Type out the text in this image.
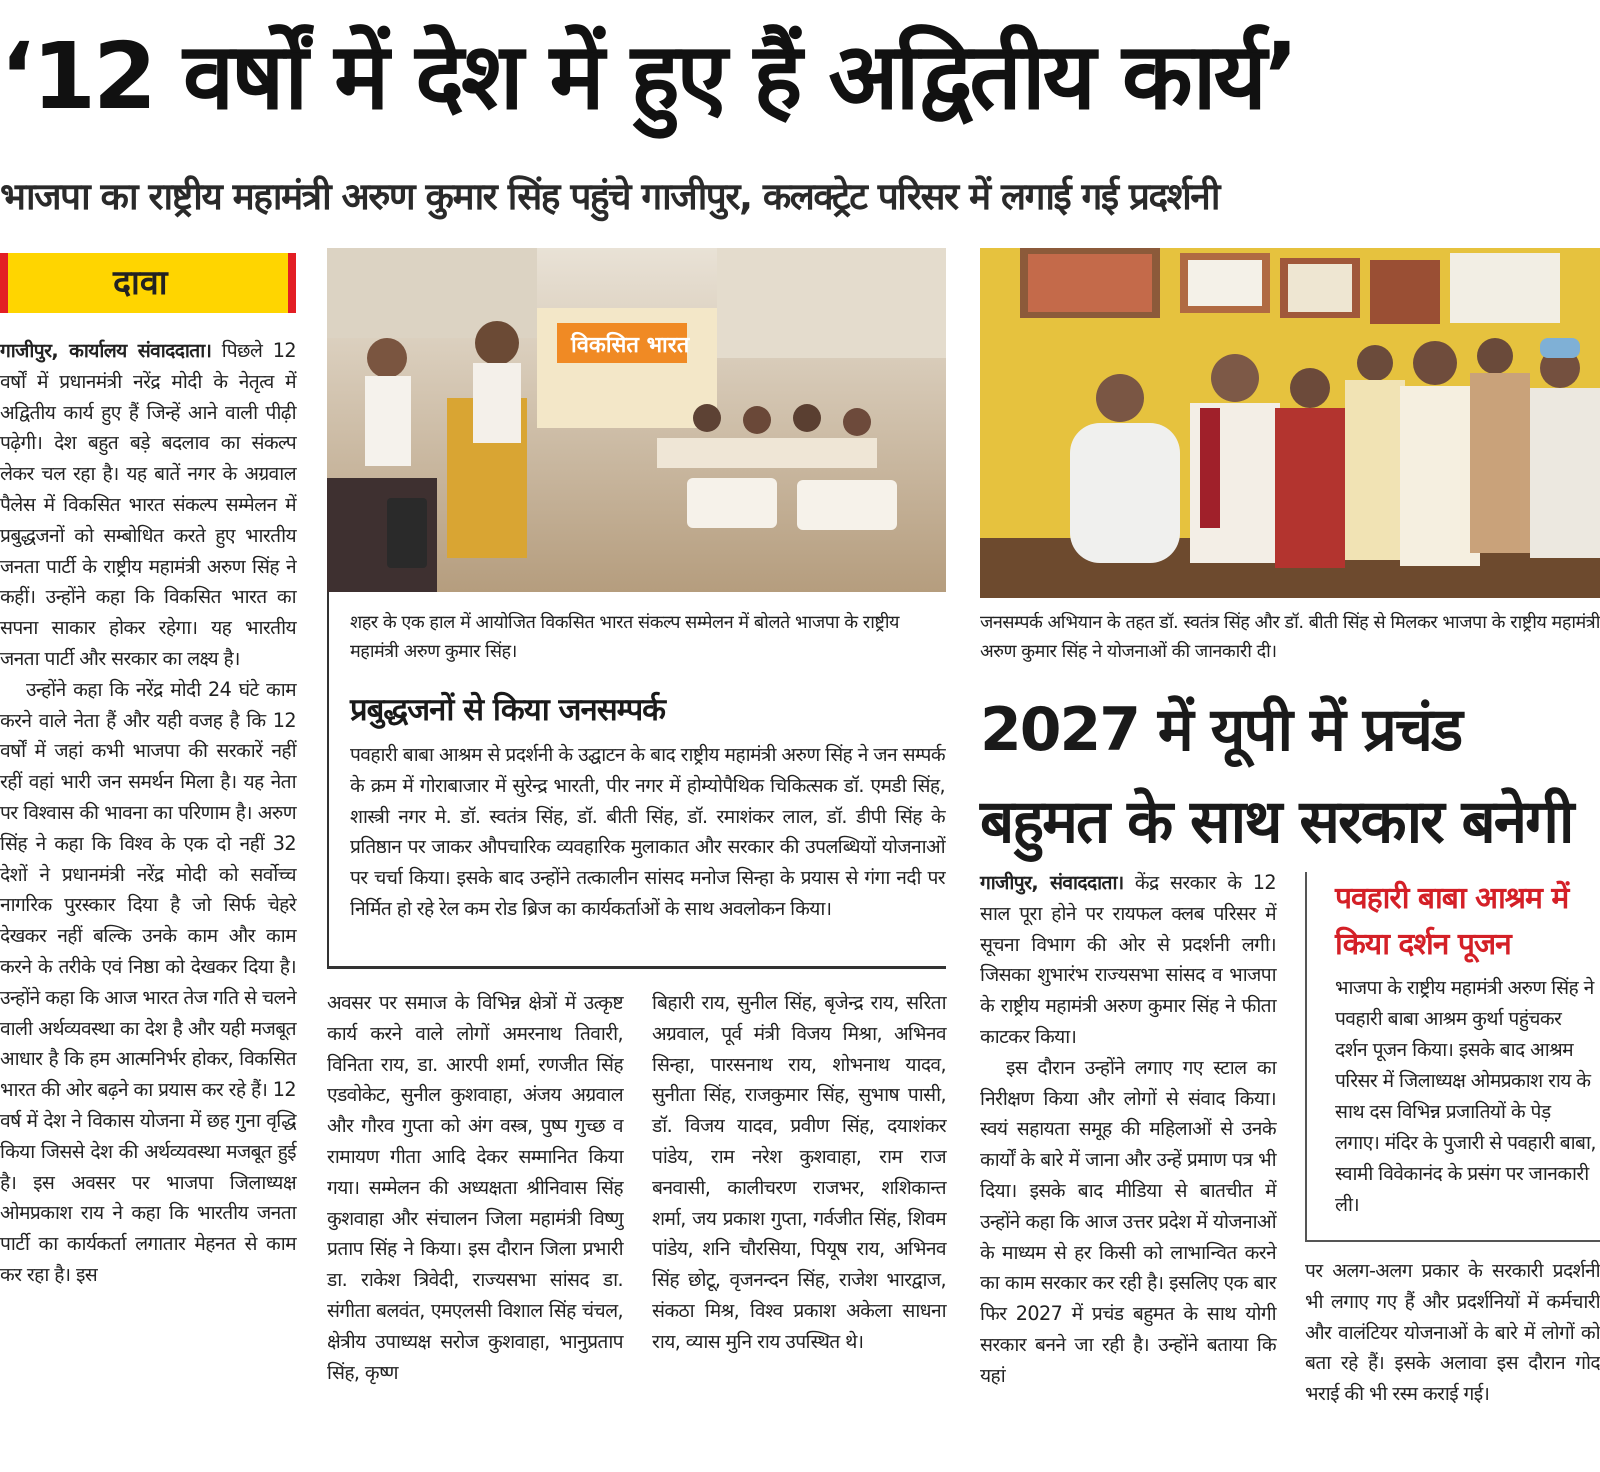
‘12 वर्षों में देश में हुए हैं अद्वितीय कार्य’
भाजपा का राष्ट्रीय महामंत्री अरुण कुमार सिंह पहुंचे गाजीपुर, कलक्ट्रेट परिसर में लगाई गई प्रदर्शनी
दावा

गाजीपुर, कार्यालय संवाददाता। पिछले 12 वर्षों में प्रधानमंत्री नरेंद्र मोदी के नेतृत्व में अद्वितीय कार्य हुए हैं जिन्हें आने वाली पीढ़ी पढ़ेगी। देश बहुत बड़े बदलाव का संकल्प लेकर चल रहा है। यह बातें नगर के अग्रवाल पैलेस में विकसित भारत संकल्प सम्मेलन में प्रबुद्धजनों को सम्बोधित करते हुए भारतीय जनता पार्टी के राष्ट्रीय महामंत्री अरुण सिंह ने कहीं। उन्होंने कहा कि विकसित भारत का सपना साकार होकर रहेगा। यह भारतीय जनता पार्टी और सरकार का लक्ष्य है।

उन्होंने कहा कि नरेंद्र मोदी 24 घंटे काम करने वाले नेता हैं और यही वजह है कि 12 वर्षों में जहां कभी भाजपा की सरकारें नहीं रहीं वहां भारी जन समर्थन मिला है। यह नेता पर विश्वास की भावना का परिणाम है। अरुण सिंह ने कहा कि विश्व के एक दो नहीं 32 देशों ने प्रधानमंत्री नरेंद्र मोदी को सर्वोच्च नागरिक पुरस्कार दिया है जो सिर्फ चेहरे देखकर नहीं बल्कि उनके काम और काम करने के तरीके एवं निष्ठा को देखकर दिया है। उन्होंने कहा कि आज भारत तेज गति से चलने वाली अर्थव्यवस्था का देश है और यही मजबूत आधार है कि हम आत्मनिर्भर होकर, विकसित भारत की ओर बढ़ने का प्रयास कर रहे हैं। 12 वर्ष में देश ने विकास योजना में छह गुना वृद्धि किया जिससे देश की अर्थव्यवस्था मजबूत हुई है। इस अवसर पर भाजपा जिलाध्यक्ष ओमप्रकाश राय ने कहा कि भारतीय जनता पार्टी का कार्यकर्ता लगातार मेहनत से काम कर रहा है। इस

विकसित भारत

शहर के एक हाल में आयोजित विकसित भारत संकल्प सम्मेलन में बोलते भाजपा के राष्ट्रीय महामंत्री अरुण कुमार सिंह।

जनसम्पर्क अभियान के तहत डॉ. स्वतंत्र सिंह और डॉ. बीती सिंह से मिलकर भाजपा के राष्ट्रीय महामंत्री अरुण कुमार सिंह ने योजनाओं की जानकारी दी।

प्रबुद्धजनों से किया जनसम्पर्क

पवहारी बाबा आश्रम से प्रदर्शनी के उद्घाटन के बाद राष्ट्रीय महामंत्री अरुण सिंह ने जन सम्पर्क के क्रम में गोराबाजार में सुरेन्द्र भारती, पीर नगर में होम्योपैथिक चिकित्सक डॉ. एमडी सिंह, शास्त्री नगर मे. डॉ. स्वतंत्र सिंह, डॉ. बीती सिंह, डॉ. रमाशंकर लाल, डॉ. डीपी सिंह के प्रतिष्ठान पर जाकर औपचारिक व्यवहारिक मुलाकात और सरकार की उपलब्धियों योजनाओं पर चर्चा किया। इसके बाद उन्होंने तत्कालीन सांसद मनोज सिन्हा के प्रयास से गंगा नदी पर निर्मित हो रहे रेल कम रोड ब्रिज का कार्यकर्ताओं के साथ अवलोकन किया।

अवसर पर समाज के विभिन्न क्षेत्रों में उत्कृष्ट कार्य करने वाले लोगों अमरनाथ तिवारी, विनिता राय, डा. आरपी शर्मा, रणजीत सिंह एडवोकेट, सुनील कुशवाहा, अंजय अग्रवाल और गौरव गुप्ता को अंग वस्त्र, पुष्प गुच्छ व रामायण गीता आदि देकर सम्मानित किया गया। सम्मेलन की अध्यक्षता श्रीनिवास सिंह कुशवाहा और संचालन जिला महामंत्री विष्णु प्रताप सिंह ने किया। इस दौरान जिला प्रभारी डा. राकेश त्रिवेदी, राज्यसभा सांसद डा. संगीता बलवंत, एमएलसी विशाल सिंह चंचल, क्षेत्रीय उपाध्यक्ष सरोज कुशवाहा, भानुप्रताप सिंह, कृष्ण

बिहारी राय, सुनील सिंह, बृजेन्द्र राय, सरिता अग्रवाल, पूर्व मंत्री विजय मिश्रा, अभिनव सिन्हा, पारसनाथ राय, शोभनाथ यादव, सुनीता सिंह, राजकुमार सिंह, सुभाष पासी, डॉ. विजय यादव, प्रवीण सिंह, दयाशंकर पांडेय, राम नरेश कुशवाहा, राम राज बनवासी, कालीचरण राजभर, शशिकान्त शर्मा, जय प्रकाश गुप्ता, गर्वजीत सिंह, शिवम पांडेय, शनि चौरसिया, पियूष राय, अभिनव सिंह छोटू, वृजनन्दन सिंह, राजेश भारद्वाज, संकठा मिश्र, विश्व प्रकाश अकेला साधना राय, व्यास मुनि राय उपस्थित थे।

2027 में यूपी में प्रचंड बहुमत के साथ सरकार बनेगी

गाजीपुर, संवाददाता। केंद्र सरकार के 12 साल पूरा होने पर रायफल क्लब परिसर में सूचना विभाग की ओर से प्रदर्शनी लगी। जिसका शुभारंभ राज्यसभा सांसद व भाजपा के राष्ट्रीय महामंत्री अरुण कुमार सिंह ने फीता काटकर किया।

इस दौरान उन्होंने लगाए गए स्टाल का निरीक्षण किया और लोगों से संवाद किया। स्वयं सहायता समूह की महिलाओं से उनके कार्यों के बारे में जाना और उन्हें प्रमाण पत्र भी दिया। इसके बाद मीडिया से बातचीत में उन्होंने कहा कि आज उत्तर प्रदेश में योजनाओं के माध्यम से हर किसी को लाभान्वित करने का काम सरकार कर रही है। इसलिए एक बार फिर 2027 में प्रचंड बहुमत के साथ योगी सरकार बनने जा रही है। उन्होंने बताया कि यहां

पवहारी बाबा आश्रम में किया दर्शन पूजन

भाजपा के राष्ट्रीय महामंत्री अरुण सिंह ने पवहारी बाबा आश्रम कुर्था पहुंचकर दर्शन पूजन किया। इसके बाद आश्रम परिसर में जिलाध्यक्ष ओमप्रकाश राय के साथ दस विभिन्न प्रजातियों के पेड़ लगाए। मंदिर के पुजारी से पवहारी बाबा, स्वामी विवेकानंद के प्रसंग पर जानकारी ली।

पर अलग-अलग प्रकार के सरकारी प्रदर्शनी भी लगाए गए हैं और प्रदर्शनियों में कर्मचारी और वालंटियर योजनाओं के बारे में लोगों को बता रहे हैं। इसके अलावा इस दौरान गोद भराई की भी रस्म कराई गई।
